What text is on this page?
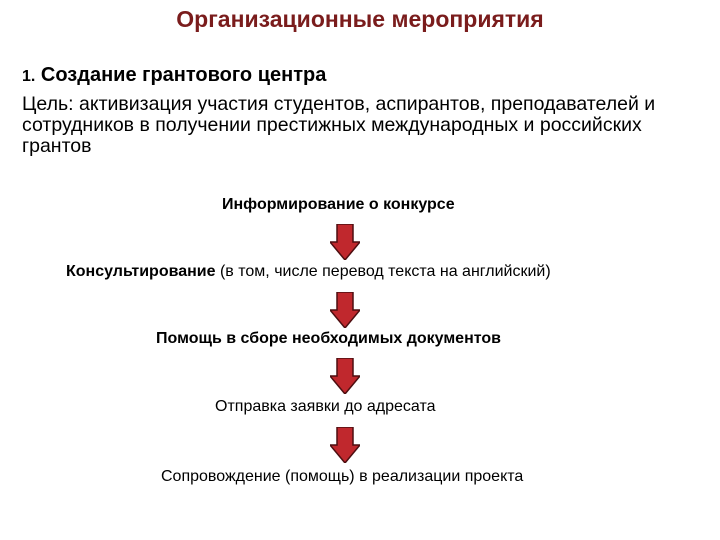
Организационные мероприятия
1. Создание грантового центра
Цель: активизация участия студентов, аспирантов, преподавателей и сотрудников в получении престижных международных и российских грантов
Информирование о конкурсе
Консультирование (в том, числе перевод текста на английский)
Помощь в сборе необходимых документов
Отправка заявки до адресата
Сопровождение (помощь) в реализации проекта
